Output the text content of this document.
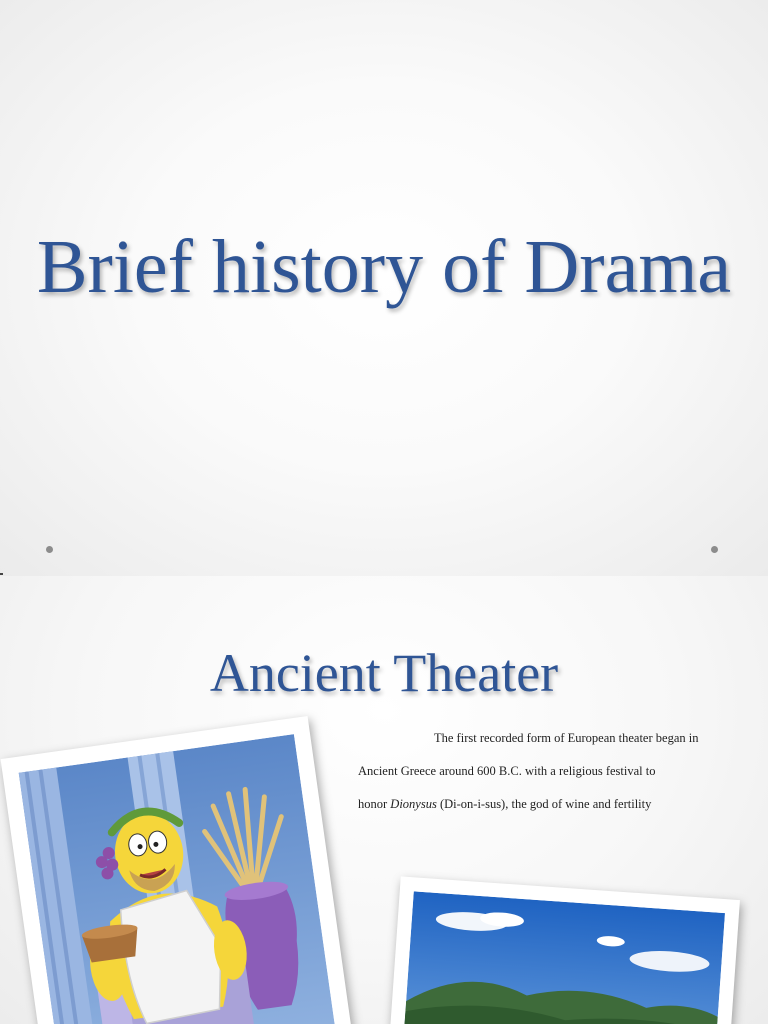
Brief history of Drama
Ancient Theater

The first recorded form of European theater began in
Ancient Greece around 600 B.C. with a religious festival to
honor Dionysus (Di-on-i-sus), the god of wine and fertility
